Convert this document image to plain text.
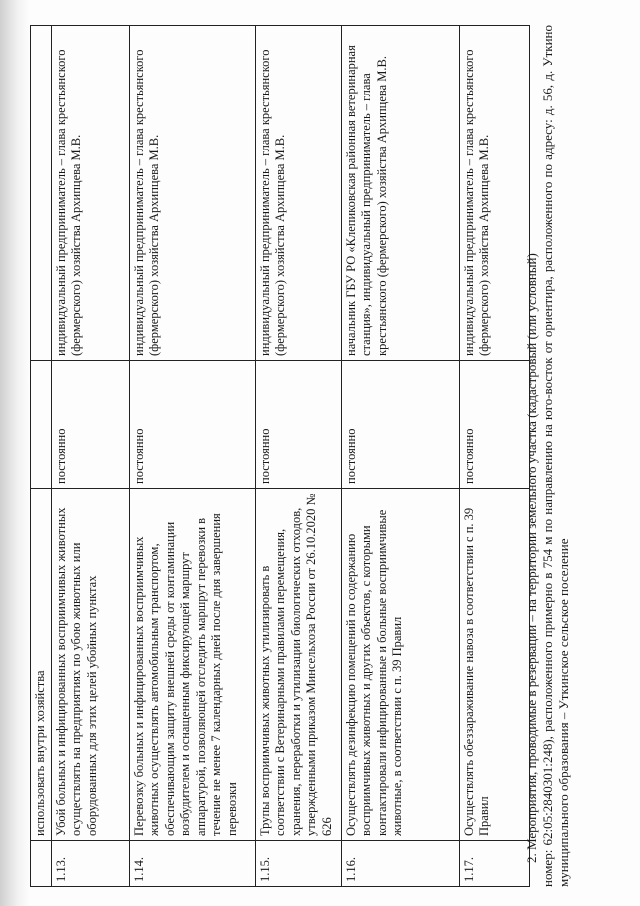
	использовать внутри хозяйства		
1.13.	Убой больных и инфицированных восприимчивых животных осуществлять на предприятиях по убою животных или оборудованных для этих целей убойных пунктах	постоянно	индивидуальный предприниматель – глава крестьянского (фермерского) хозяйства Архипцева М.В.
1.14.	Перевозку больных и инфицированных восприимчивых животных осуществлять автомобильным транспортом, обеспечивающим защиту внешней среды от контаминации возбудителем и оснащенным фиксирующей маршрут аппаратурой, позволяющей отследить маршрут перевозки в течение не менее 7 календарных дней после дня завершения перевозки	постоянно	индивидуальный предприниматель – глава крестьянского (фермерского) хозяйства Архипцева М.В.
1.15.	Трупы восприимчивых животных утилизировать в соответствии с Ветеринарными правилами перемещения, хранения, переработки и утилизации биологических отходов, утвержденными приказом Минсельхоза России от 26.10.2020 № 626	постоянно	индивидуальный предприниматель – глава крестьянского (фермерского) хозяйства Архипцева М.В.
1.16.	Осуществлять дезинфекцию помещений по содержанию восприимчивых животных и других объектов, с которыми контактировали инфицированные и больные восприимчивые животные, в соответствии с п. 39 Правил	постоянно	начальник ГБУ РО «Клепиковская районная ветеринарная станция», индивидуальный предприниматель – глава крестьянского (фермерского) хозяйства Архипцева М.В.
1.17.	Осуществлять обеззараживание навоза в соответствии с п. 39 Правил	постоянно	индивидуальный предприниматель – глава крестьянского (фермерского) хозяйства Архипцева М.В.
2. Мероприятия, проводимые в резервации – на территории земельного участка (кадастровый (или условный) номер: 62:05:2840301:248), расположенного примерно в 754 м по направлению на юго-восток от ориентира, расположенного по адресу: д. 56, д. Уткино муниципального образования – Уткинское сельское поселение
